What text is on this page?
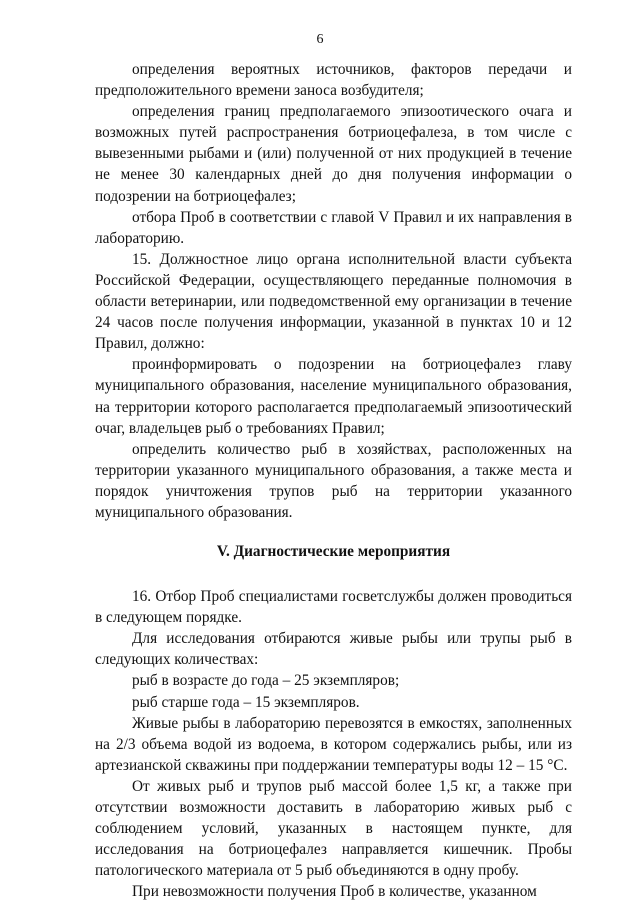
6

определения вероятных источников, факторов передачи и предположительного времени заноса возбудителя;

определения границ предполагаемого эпизоотического очага и возможных путей распространения ботриоцефалеза, в том числе с вывезенными рыбами и (или) полученной от них продукцией в течение не менее 30 календарных дней до дня получения информации о подозрении на ботриоцефалез;

отбора Проб в соответствии с главой V Правил и их направления в лабораторию.

15. Должностное лицо органа исполнительной власти субъекта Российской Федерации, осуществляющего переданные полномочия в области ветеринарии, или подведомственной ему организации в течение 24 часов после получения информации, указанной в пунктах 10 и 12 Правил, должно:

проинформировать о подозрении на ботриоцефалез главу муниципального образования, население муниципального образования, на территории которого располагается предполагаемый эпизоотический очаг, владельцев рыб о требованиях Правил;

определить количество рыб в хозяйствах, расположенных на территории указанного муниципального образования, а также места и порядок уничтожения трупов рыб на территории указанного муниципального образования.

V. Диагностические мероприятия

16. Отбор Проб специалистами госветслужбы должен проводиться в следующем порядке.

Для исследования отбираются живые рыбы или трупы рыб в следующих количествах:

рыб в возрасте до года – 25 экземпляров;

рыб старше года – 15 экземпляров.

Живые рыбы в лабораторию перевозятся в емкостях, заполненных на 2/3 объема водой из водоема, в котором содержались рыбы, или из артезианской скважины при поддержании температуры воды 12 – 15 °С.

От живых рыб и трупов рыб массой более 1,5 кг, а также при отсутствии возможности доставить в лабораторию живых рыб с соблюдением условий, указанных в настоящем пункте, для исследования на ботриоцефалез направляется кишечник. Пробы патологического материала от 5 рыб объединяются в одну пробу.

При невозможности получения Проб в количестве, указанном
